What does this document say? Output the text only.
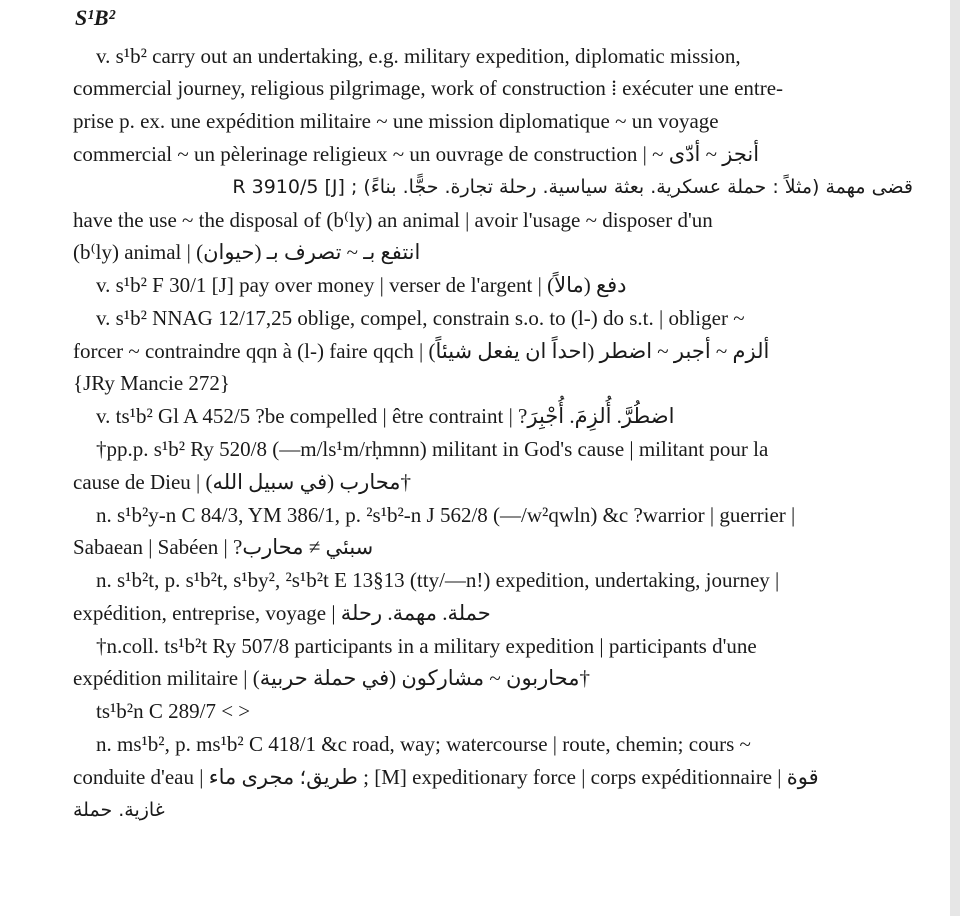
S¹B²
v. s¹b² carry out an undertaking, e.g. military expedition, diplomatic mission,
commercial journey, religious pilgrimage, work of construction ⁞ exécuter une entre-
prise p. ex. une expédition militaire ~ une mission diplomatique ~ un voyage
commercial ~ un pèlerinage religieux ~ un ouvrage de construction | ~ أنجز ~ أدّى
قضى مهمة (مثلاً : حملة عسكرية. بعثة سياسية. رحلة تجارة. حجًّا. بناءً) ; R 3910/5 [J]
have the use ~ the disposal of (b⁽ly) an animal | avoir l'usage ~ disposer d'un
(b⁽ly) animal | (حيوان) انتفع بـ ~ تصرف بـ
v. s¹b² F 30/1 [J] pay over money | verser de l'argent | (مالاً) دفع
v. s¹b² NNAG 12/17,25 oblige, compel, constrain s.o. to (l-) do s.t. | obliger ~
forcer ~ contraindre qqn à (l-) faire qqch | (احداً ان يفعل شيئاً) ألزم ~ أجبر ~ اضطر
{JRy Mancie 272}
v. ts¹b² Gl A 452/5 ?be compelled | être contraint | ?اضطُرَّ. أُلزِمَ. أُجْبِرَ
†pp.p. s¹b² Ry 520/8 (—m/ls¹m/rḥmnn) militant in God's cause | militant pour la
cause de Dieu | (في سبيل الله) محارب†
n. s¹b²y-n C 84/3, YM 386/1, p. ²s¹b²-n J 562/8 (—/w²qwln) &c ?warrior | guerrier |
Sabaean | Sabéen | ?سبئي ≠ محارب
n. s¹b²t, p. s¹b²t, s¹by², ²s¹b²t E 13§13 (tty/—n!) expedition, undertaking, journey |
expédition, entreprise, voyage | حملة. مهمة. رحلة
†n.coll. ts¹b²t Ry 507/8 participants in a military expedition | participants d'une
expédition militaire | (في حملة حربية) محاربون ~ مشاركون†
ts¹b²n C 289/7 < >
n. ms¹b², p. ms¹b² C 418/1 &c road, way; watercourse | route, chemin; cours ~
conduite d'eau | طريق؛ مجرى ماء ; [M] expeditionary force | corps expéditionnaire | قوة
غازية. حملة
